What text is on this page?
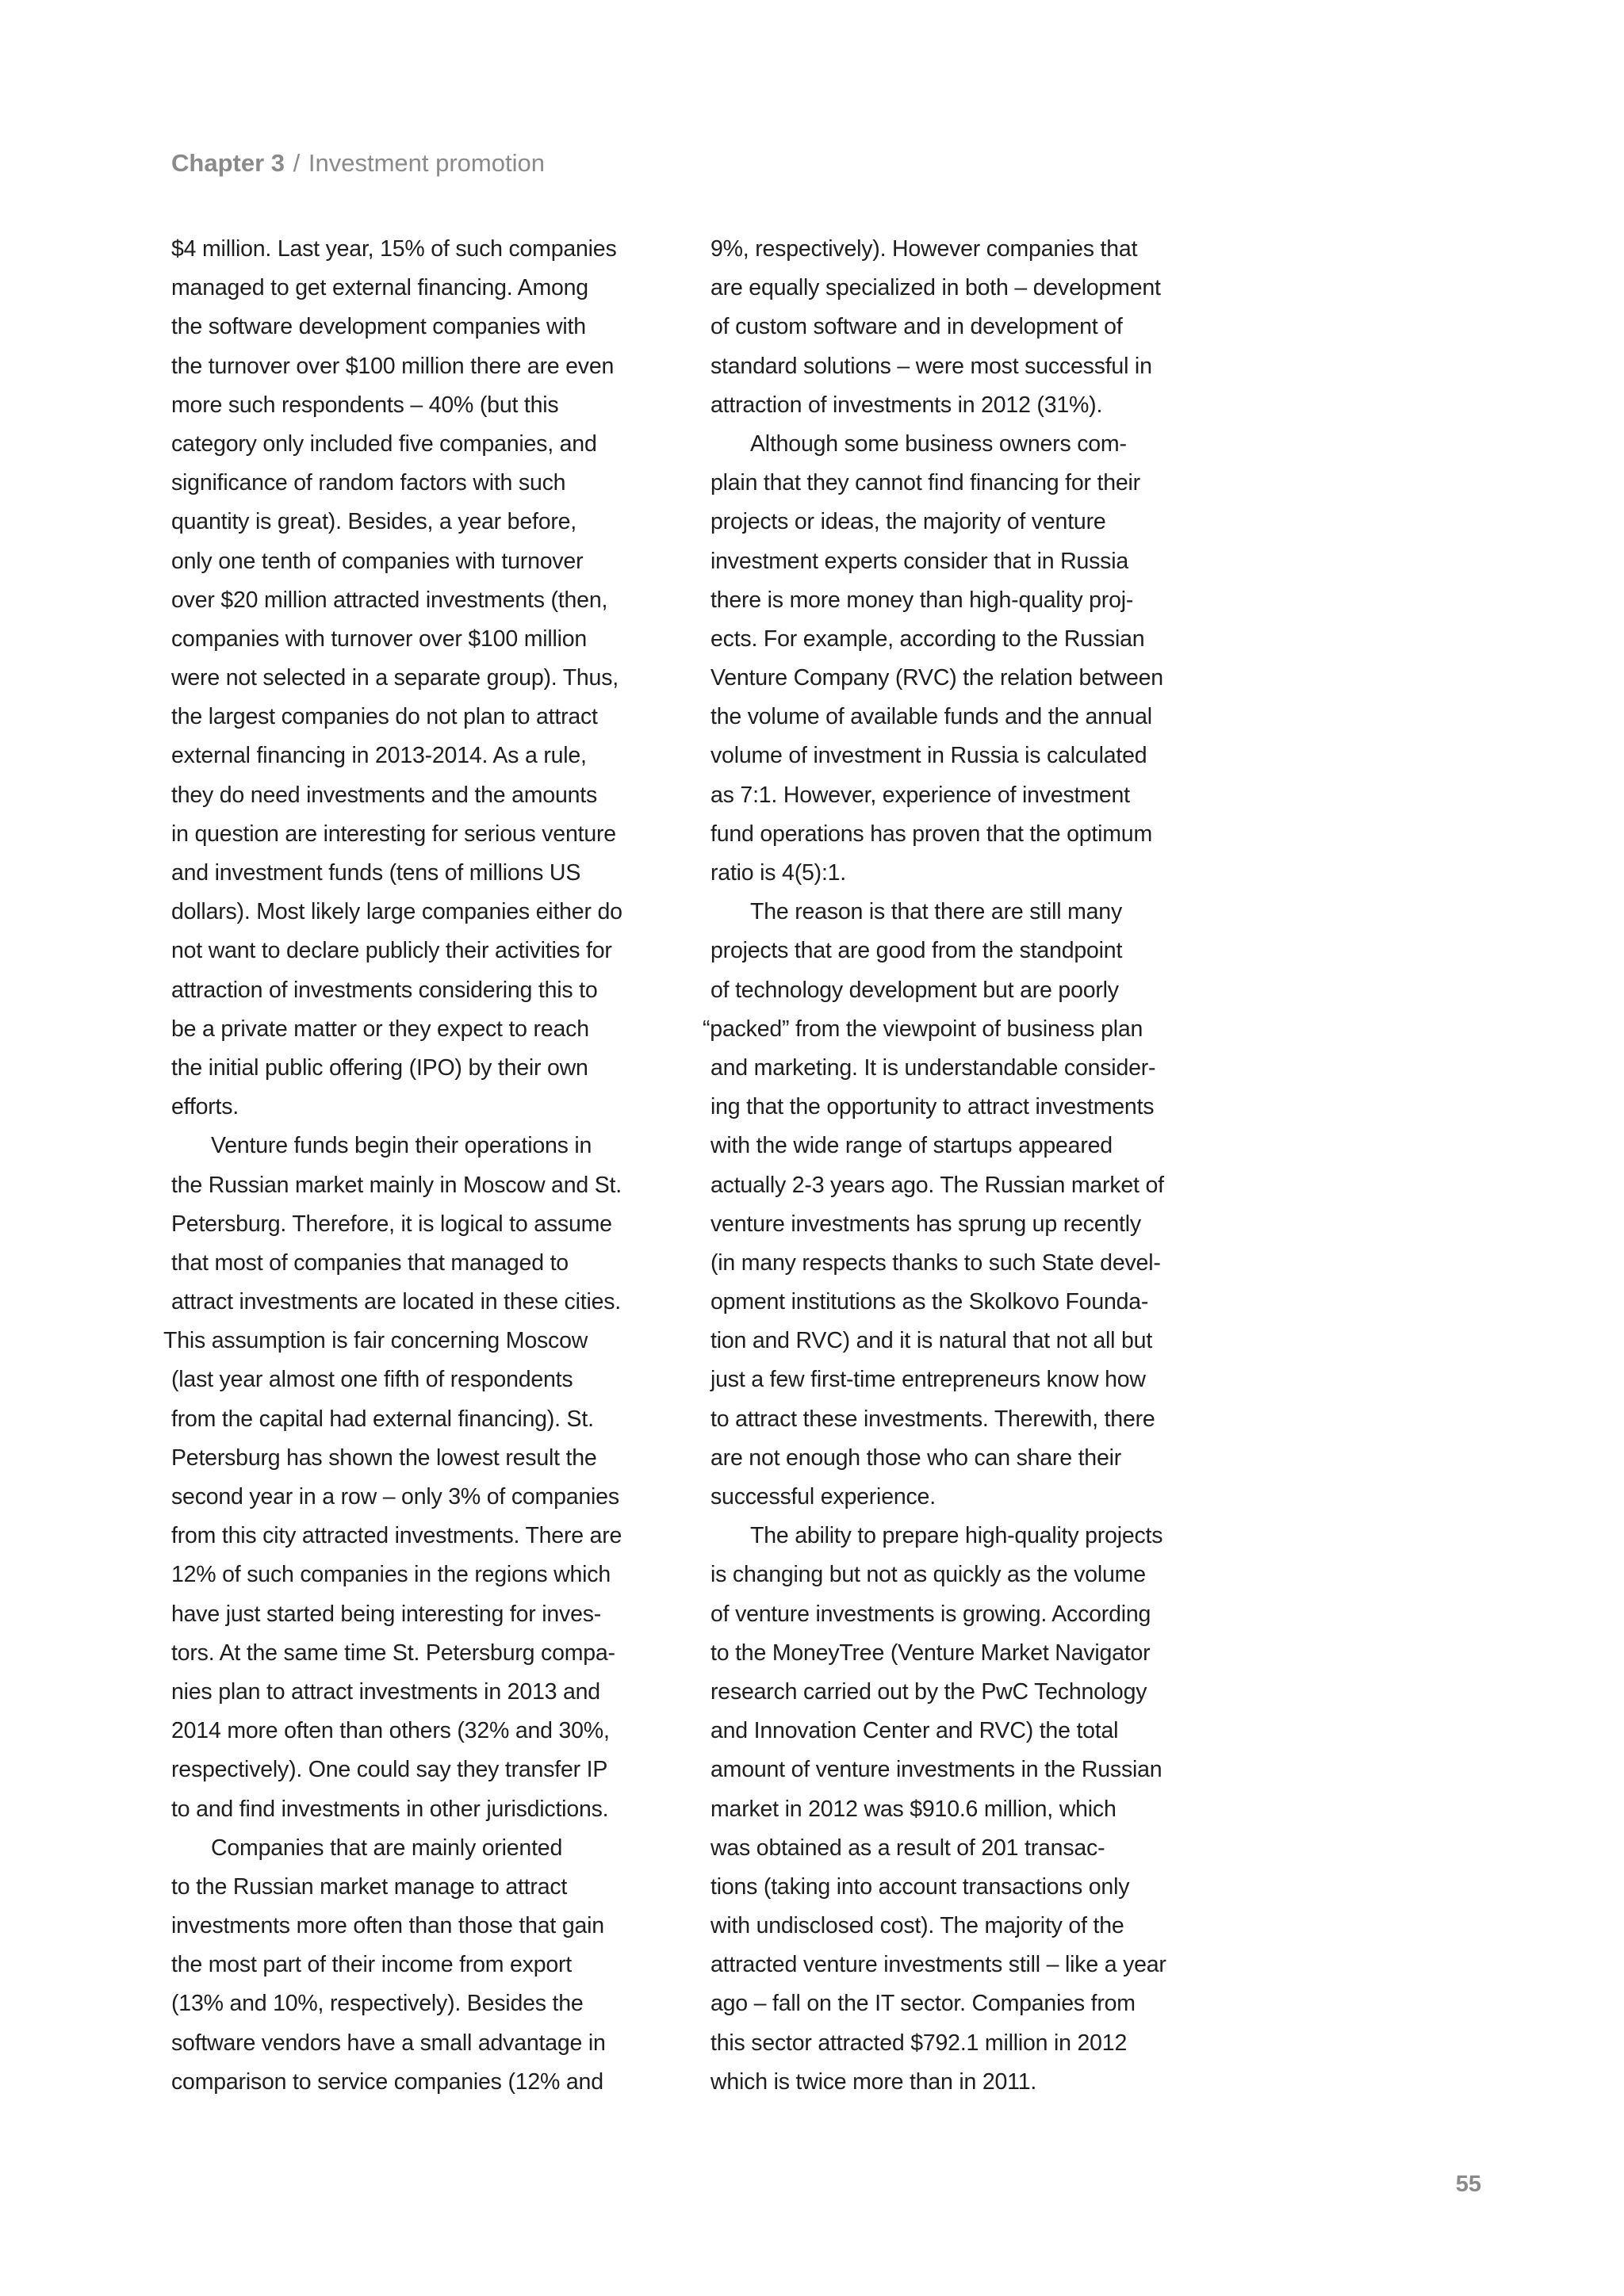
Chapter 3 / Investment promotion
$4 million. Last year, 15% of such companies
managed to get external financing. Among
the software development companies with
the turnover over $100 million there are even
more such respondents – 40% (but this
category only included five companies, and
significance of random factors with such
quantity is great). Besides, a year before,
only one tenth of companies with turnover
over $20 million attracted investments (then,
companies with turnover over $100 million
were not selected in a separate group). Thus,
the largest companies do not plan to attract
external financing in 2013-2014. As a rule,
they do need investments and the amounts
in question are interesting for serious venture
and investment funds (tens of millions US
dollars). Most likely large companies either do
not want to declare publicly their activities for
attraction of investments considering this to
be a private matter or they expect to reach
the initial public offering (IPO) by their own
efforts.
Venture funds begin their operations in
the Russian market mainly in Moscow and St.
Petersburg. Therefore, it is logical to assume
that most of companies that managed to
attract investments are located in these cities.
This assumption is fair concerning Moscow
(last year almost one fifth of respondents
from the capital had external financing). St.
Petersburg has shown the lowest result the
second year in a row – only 3% of companies
from this city attracted investments. There are
12% of such companies in the regions which
have just started being interesting for inves-
tors. At the same time St. Petersburg compa-
nies plan to attract investments in 2013 and
2014 more often than others (32% and 30%,
respectively). One could say they transfer IP
to and find investments in other jurisdictions.
Companies that are mainly oriented
to the Russian market manage to attract
investments more often than those that gain
the most part of their income from export
(13% and 10%, respectively). Besides the
software vendors have a small advantage in
comparison to service companies (12% and
9%, respectively). However companies that
are equally specialized in both – development
of custom software and in development of
standard solutions – were most successful in
attraction of investments in 2012 (31%).
Although some business owners com-
plain that they cannot find financing for their
projects or ideas, the majority of venture
investment experts consider that in Russia
there is more money than high-quality proj-
ects. For example, according to the Russian
Venture Company (RVC) the relation between
the volume of available funds and the annual
volume of investment in Russia is calculated
as 7:1. However, experience of investment
fund operations has proven that the optimum
ratio is 4(5):1.
The reason is that there are still many
projects that are good from the standpoint
of technology development but are poorly
“packed” from the viewpoint of business plan
and marketing. It is understandable consider-
ing that the opportunity to attract investments
with the wide range of startups appeared
actually 2-3 years ago. The Russian market of
venture investments has sprung up recently
(in many respects thanks to such State devel-
opment institutions as the Skolkovo Founda-
tion and RVC) and it is natural that not all but
just a few first-time entrepreneurs know how
to attract these investments. Therewith, there
are not enough those who can share their
successful experience.
The ability to prepare high-quality projects
is changing but not as quickly as the volume
of venture investments is growing. According
to the MoneyTree (Venture Market Navigator
research carried out by the PwC Technology
and Innovation Center and RVC) the total
amount of venture investments in the Russian
market in 2012 was $910.6 million, which
was obtained as a result of 201 transac-
tions (taking into account transactions only
with undisclosed cost). The majority of the
attracted venture investments still – like a year
ago – fall on the IT sector. Companies from
this sector attracted $792.1 million in 2012
which is twice more than in 2011.
55
